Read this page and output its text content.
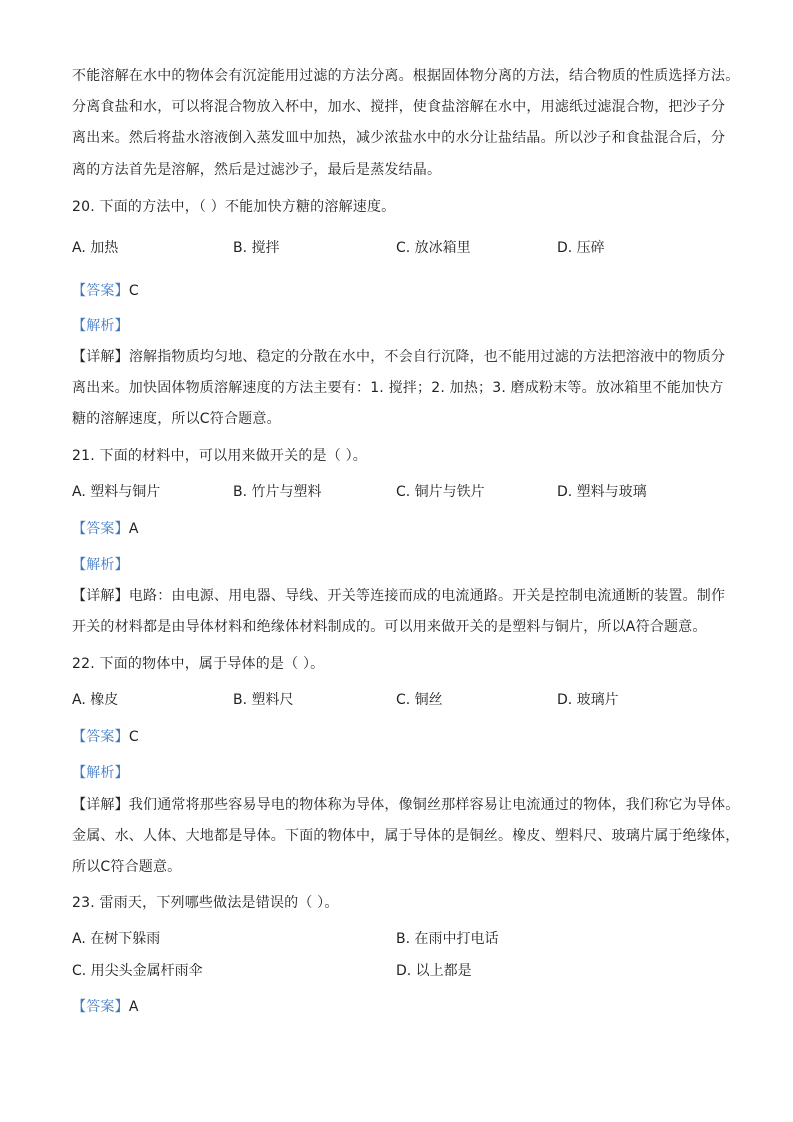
不能溶解在水中的物体会有沉淀能用过滤的方法分离。根据固体物分离的方法，结合物质的性质选择方法。
分离食盐和水，可以将混合物放入杯中，加水、搅拌，使食盐溶解在水中，用滤纸过滤混合物，把沙子分
离出来。然后将盐水溶液倒入蒸发皿中加热，减少浓盐水中的水分让盐结晶。所以沙子和食盐混合后，分
离的方法首先是溶解，然后是过滤沙子，最后是蒸发结晶。
20. 下面的方法中，（ ）不能加快方糖的溶解速度。
A. 加热	B. 搅拌	C. 放冰箱里	D. 压碎
【答案】C
【解析】
【详解】溶解指物质均匀地、稳定的分散在水中，不会自行沉降，也不能用过滤的方法把溶液中的物质分
离出来。加快固体物质溶解速度的方法主要有：1. 搅拌；2. 加热；3. 磨成粉末等。放冰箱里不能加快方
糖的溶解速度，所以C符合题意。
21. 下面的材料中，可以用来做开关的是（ ）。
A. 塑料与铜片	B. 竹片与塑料	C. 铜片与铁片	D. 塑料与玻璃
【答案】A
【解析】
【详解】电路：由电源、用电器、导线、开关等连接而成的电流通路。开关是控制电流通断的装置。制作
开关的材料都是由导体材料和绝缘体材料制成的。可以用来做开关的是塑料与铜片，所以A符合题意。
22. 下面的物体中，属于导体的是（ ）。
A. 橡皮	B. 塑料尺	C. 铜丝	D. 玻璃片
【答案】C
【解析】
【详解】我们通常将那些容易导电的物体称为导体，像铜丝那样容易让电流通过的物体，我们称它为导体。
金属、水、人体、大地都是导体。下面的物体中，属于导体的是铜丝。橡皮、塑料尺、玻璃片属于绝缘体，
所以C符合题意。
23. 雷雨天，下列哪些做法是错误的（ ）。
A. 在树下躲雨	B. 在雨中打电话
C. 用尖头金属杆雨伞	D. 以上都是
【答案】A
